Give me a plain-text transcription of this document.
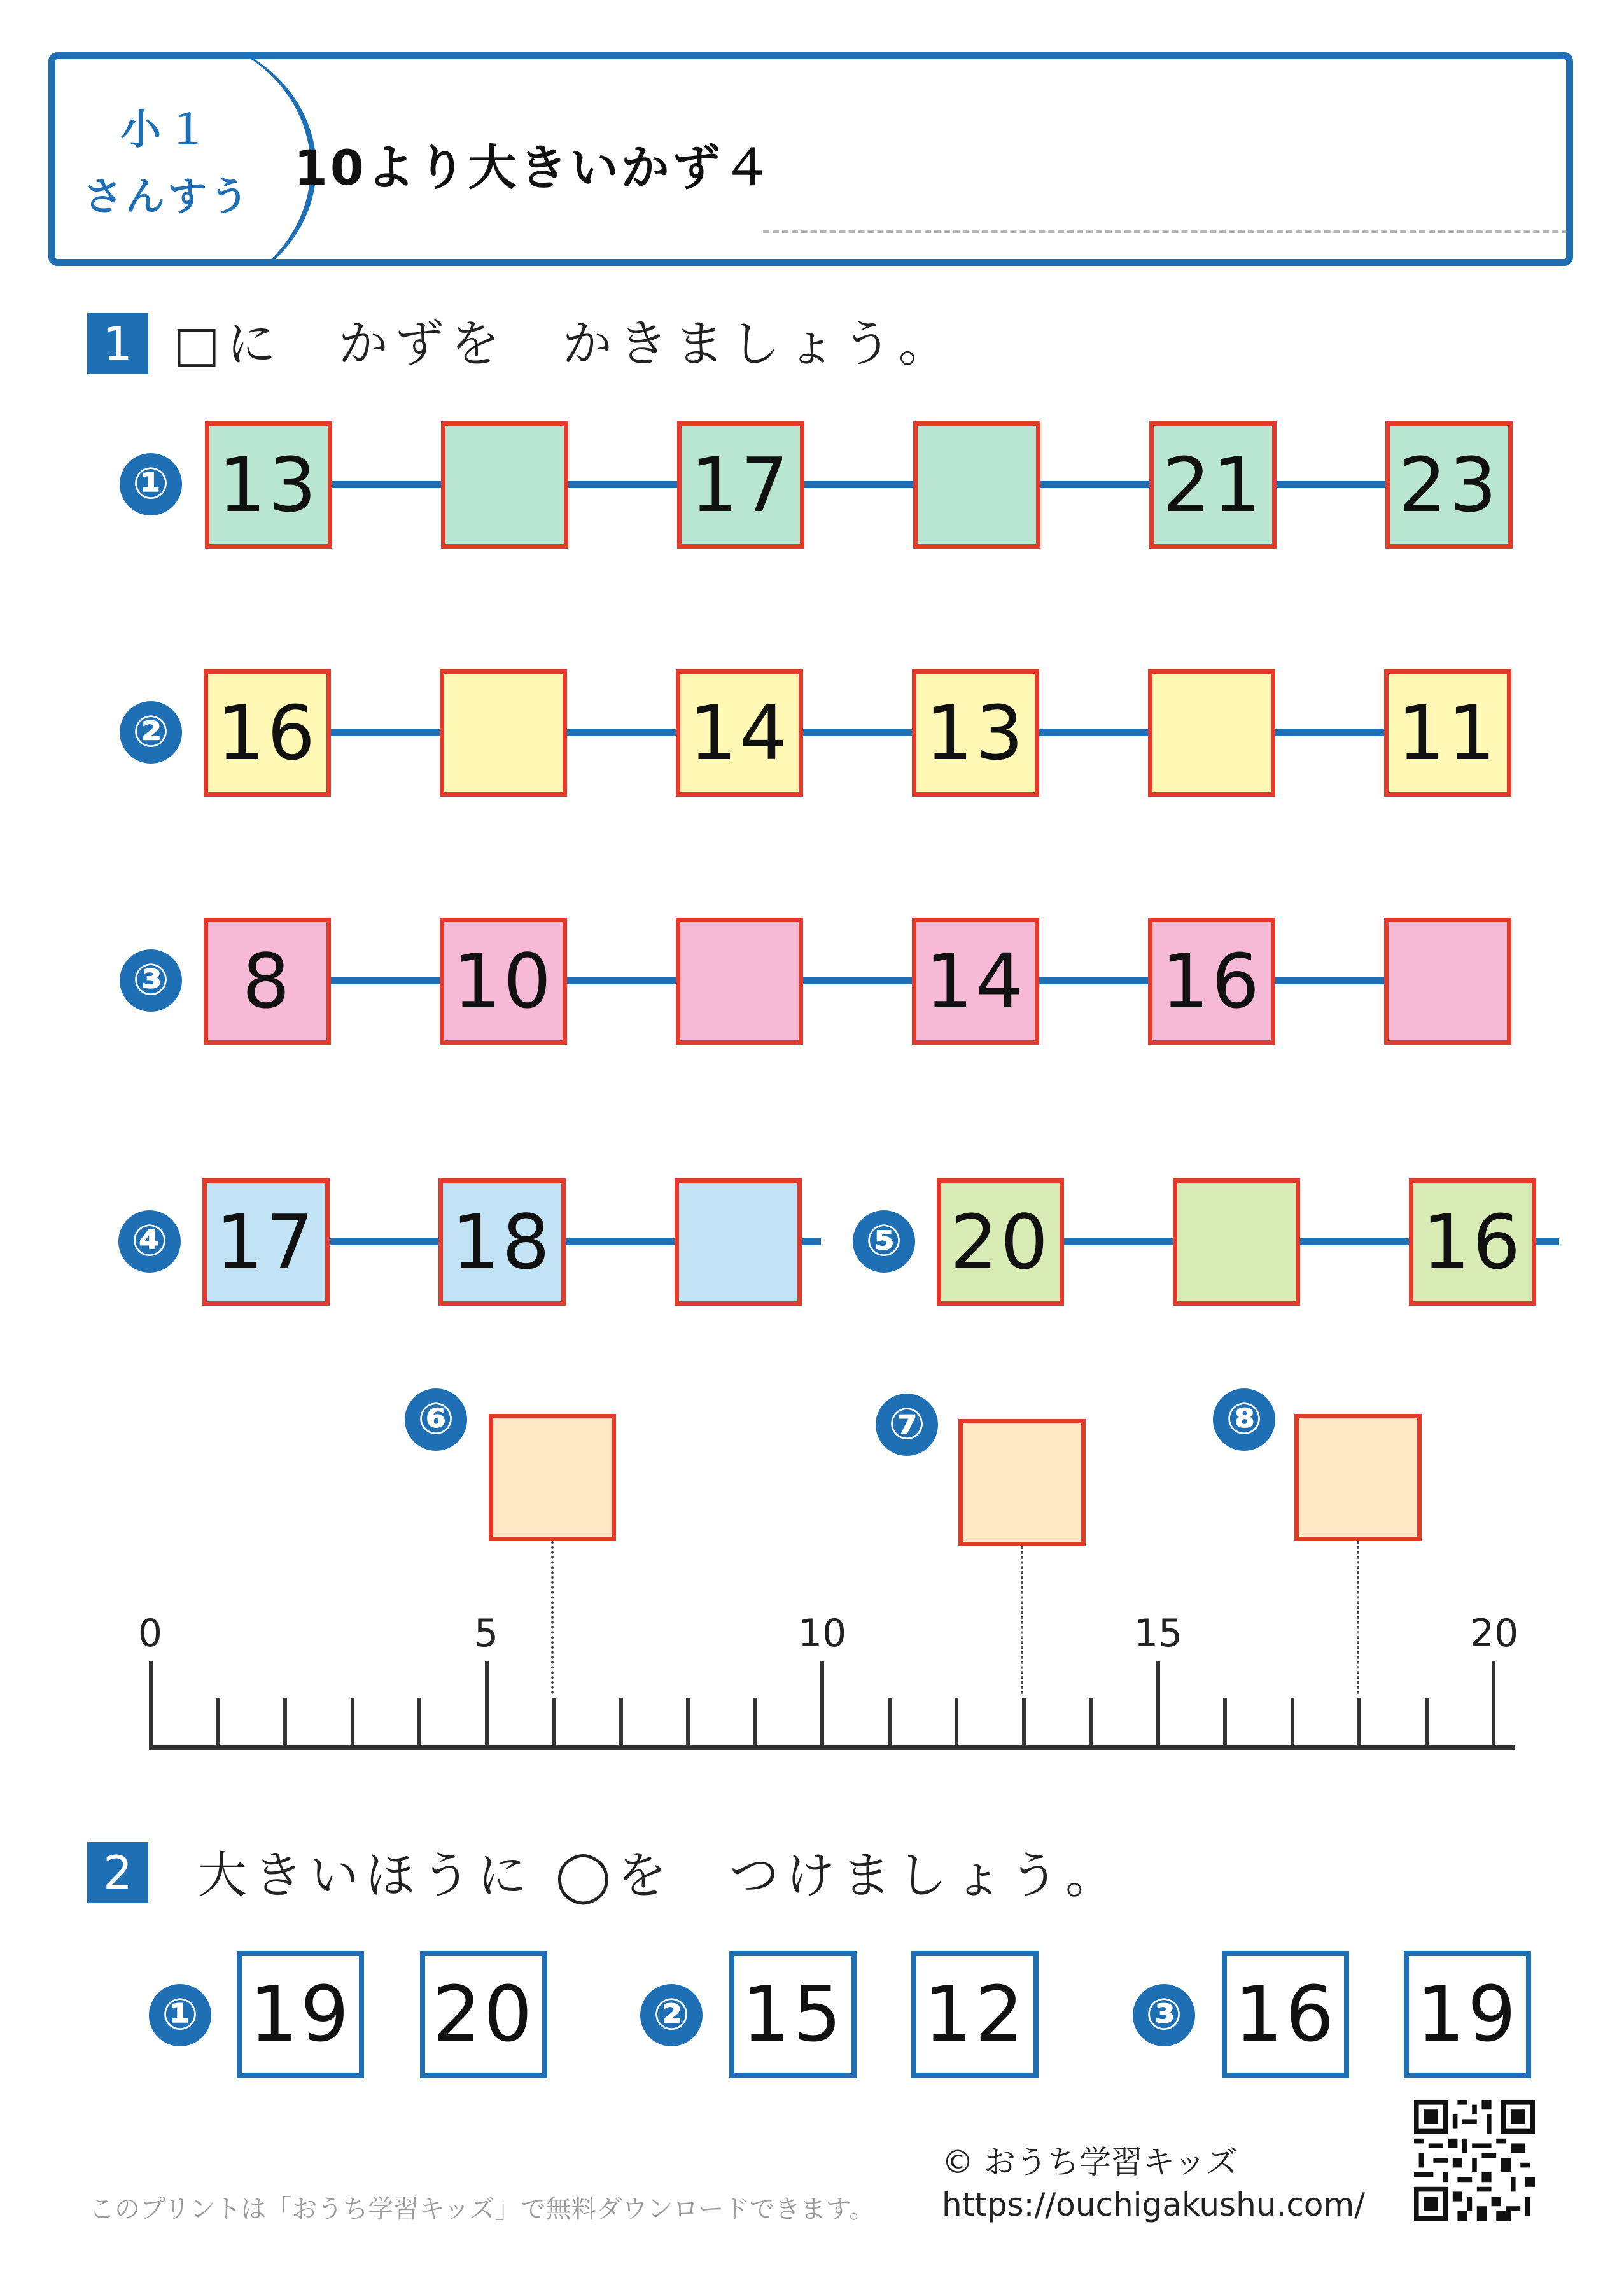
小１
さんすう
10より大きいかず４
1 □に　かずを　かきましょう。
① 13	17	21 23
② 16	14 13	11
③ 8	10	14 16
④ 17 18	⑤ 20	16
⑥	⑦	⑧
0	5	10	15	20
2	大きいほうに ◯を　つけましょう。
① 19 20	② 15 12	③ 16 19
このプリントは「おうち学習キッズ」で無料ダウンロードできます。
© おうち学習キッズ
https://ouchigakushu.com/
